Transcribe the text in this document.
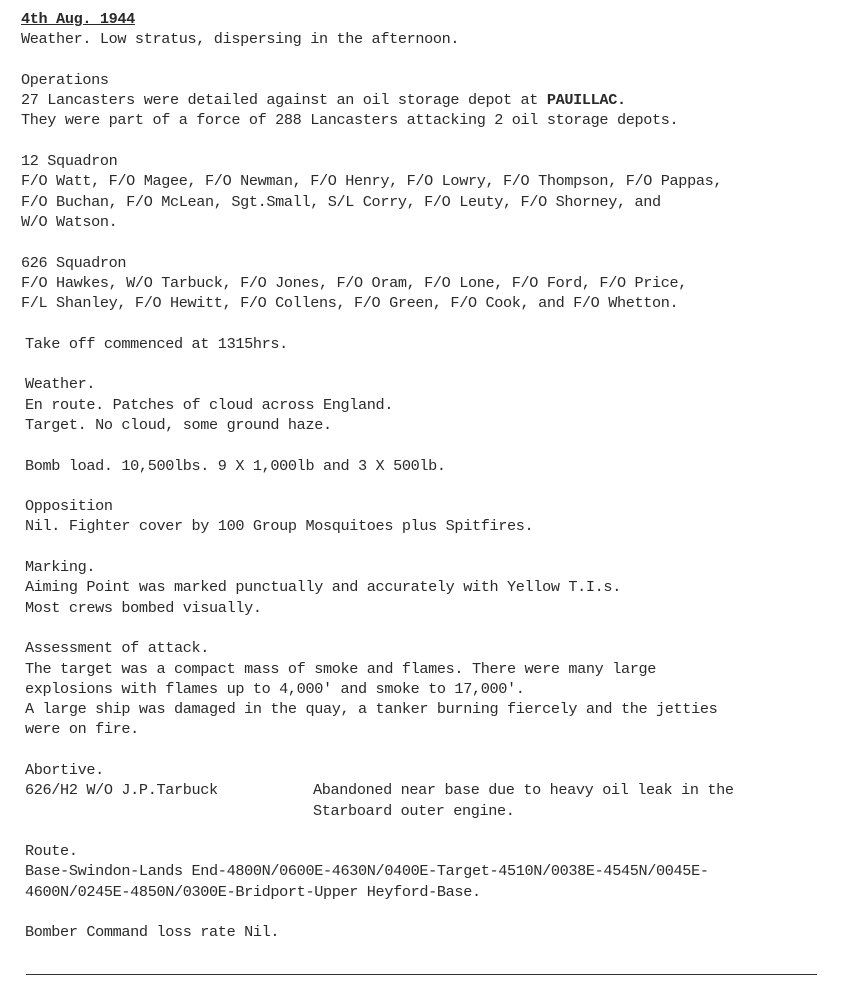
4th Aug. 1944
Weather. Low stratus, dispersing in the afternoon.
Operations
27 Lancasters were detailed against an oil storage depot at PAUILLAC.
They were part of a force of 288 Lancasters attacking 2 oil storage depots.
12 Squadron
F/O Watt, F/O Magee, F/O Newman, F/O Henry, F/O Lowry, F/O Thompson, F/O Pappas,
F/O Buchan, F/O McLean, Sgt.Small, S/L Corry, F/O Leuty, F/O Shorney, and
W/O Watson.
626 Squadron
F/O Hawkes, W/O Tarbuck, F/O Jones, F/O Oram, F/O Lone, F/O Ford, F/O Price,
F/L Shanley, F/O Hewitt, F/O Collens, F/O Green, F/O Cook, and F/O Whetton.
Take off commenced at 1315hrs.
Weather.
En route. Patches of cloud across England.
Target. No cloud, some ground haze.
Bomb load. 10,500lbs. 9 X 1,000lb and 3 X 500lb.
Opposition
Nil. Fighter cover by 100 Group Mosquitoes plus Spitfires.
Marking.
Aiming Point was marked punctually and accurately with Yellow T.I.s.
Most crews bombed visually.
Assessment of attack.
The target was a compact mass of smoke and flames. There were many large
explosions with flames up to 4,000' and smoke to 17,000'.
A large ship was damaged in the quay, a tanker burning fiercely and the jetties
were on fire.
Abortive.
626/H2 W/O J.P.Tarbuck	Abandoned near base due to heavy oil leak in the
Starboard outer engine.
Route.
Base-Swindon-Lands End-4800N/0600E-4630N/0400E-Target-4510N/0038E-4545N/0045E-
4600N/0245E-4850N/0300E-Bridport-Upper Heyford-Base.
Bomber Command loss rate Nil.
